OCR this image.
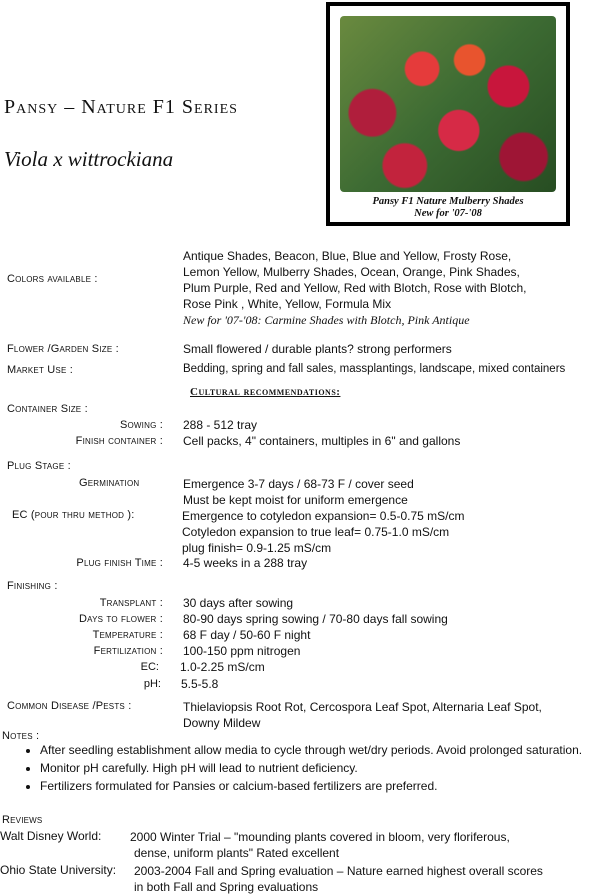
Pansy – Nature F1 Series
Viola x wittrockiana
Pansy F1 Nature Mulberry Shades
New for '07-'08
Colors available :
Antique Shades, Beacon, Blue, Blue and Yellow, Frosty Rose,
Lemon Yellow, Mulberry Shades, Ocean, Orange, Pink Shades,
Plum Purple, Red and Yellow, Red with Blotch, Rose with Blotch,
Rose Pink , White, Yellow, Formula Mix
New for '07-'08: Carmine Shades with Blotch, Pink Antique
Flower /Garden Size :	Small flowered / durable plants? strong performers
Market Use :	Bedding, spring and fall sales, massplantings, landscape, mixed containers
Cultural recommendations:
Container Size :
Sowing : 288 - 512 tray
Finish container : Cell packs, 4" containers, multiples in 6" and gallons
Plug Stage :
Germination	Emergence 3-7 days / 68-73 F / cover seed
Must be kept moist for uniform emergence
EC (pour thru method ):	Emergence to cotyledon expansion= 0.5-0.75 mS/cm
Cotyledon expansion to true leaf= 0.75-1.0 mS/cm
plug finish= 0.9-1.25 mS/cm
Plug finish Time : 4-5 weeks in a 288 tray
Finishing :
Transplant : 30 days after sowing
Days to flower : 80-90 days spring sowing / 70-80 days fall sowing
Temperature : 68 F day / 50-60 F night
Fertilization : 100-150 ppm nitrogen
EC: 1.0-2.25 mS/cm
pH: 5.5-5.8
Common Disease /Pests :	Thielaviopsis Root Rot, Cercospora Leaf Spot, Alternaria Leaf Spot,
Downy Mildew
Notes :
• After seedling establishment allow media to cycle through wet/dry periods. Avoid prolonged saturation.
• Monitor pH carefully. High pH will lead to nutrient deficiency.
• Fertilizers formulated for Pansies or calcium-based fertilizers are preferred.
Reviews
Walt Disney World: 2000 Winter Trial – "mounding plants covered in bloom, very floriferous,
dense, uniform plants" Rated excellent
Ohio State University: 2003-2004 Fall and Spring evaluation – Nature earned highest overall scores
in both Fall and Spring evaluations
